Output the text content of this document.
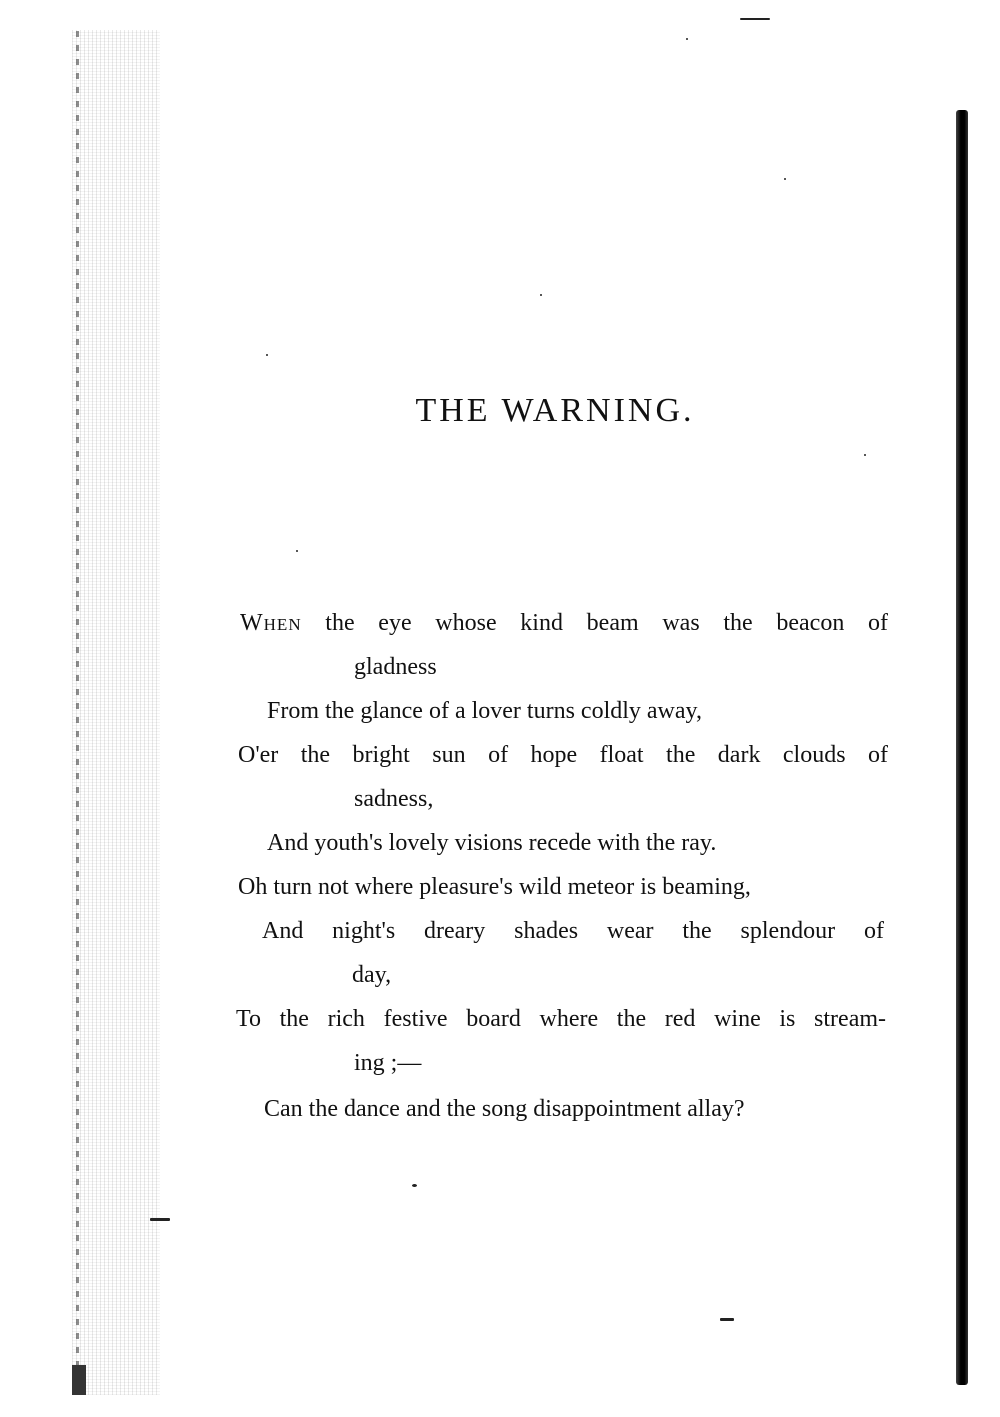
THE WARNING.
When the eye whose kind beam was the beacon of
gladness
From the glance of a lover turns coldly away,
O'er the bright sun of hope float the dark clouds of
sadness,
And youth's lovely visions recede with the ray.
Oh turn not where pleasure's wild meteor is beaming,
And night's dreary shades wear the splendour of
day,
To the rich festive board where the red wine is stream-
ing ;—
Can the dance and the song disappointment allay?
